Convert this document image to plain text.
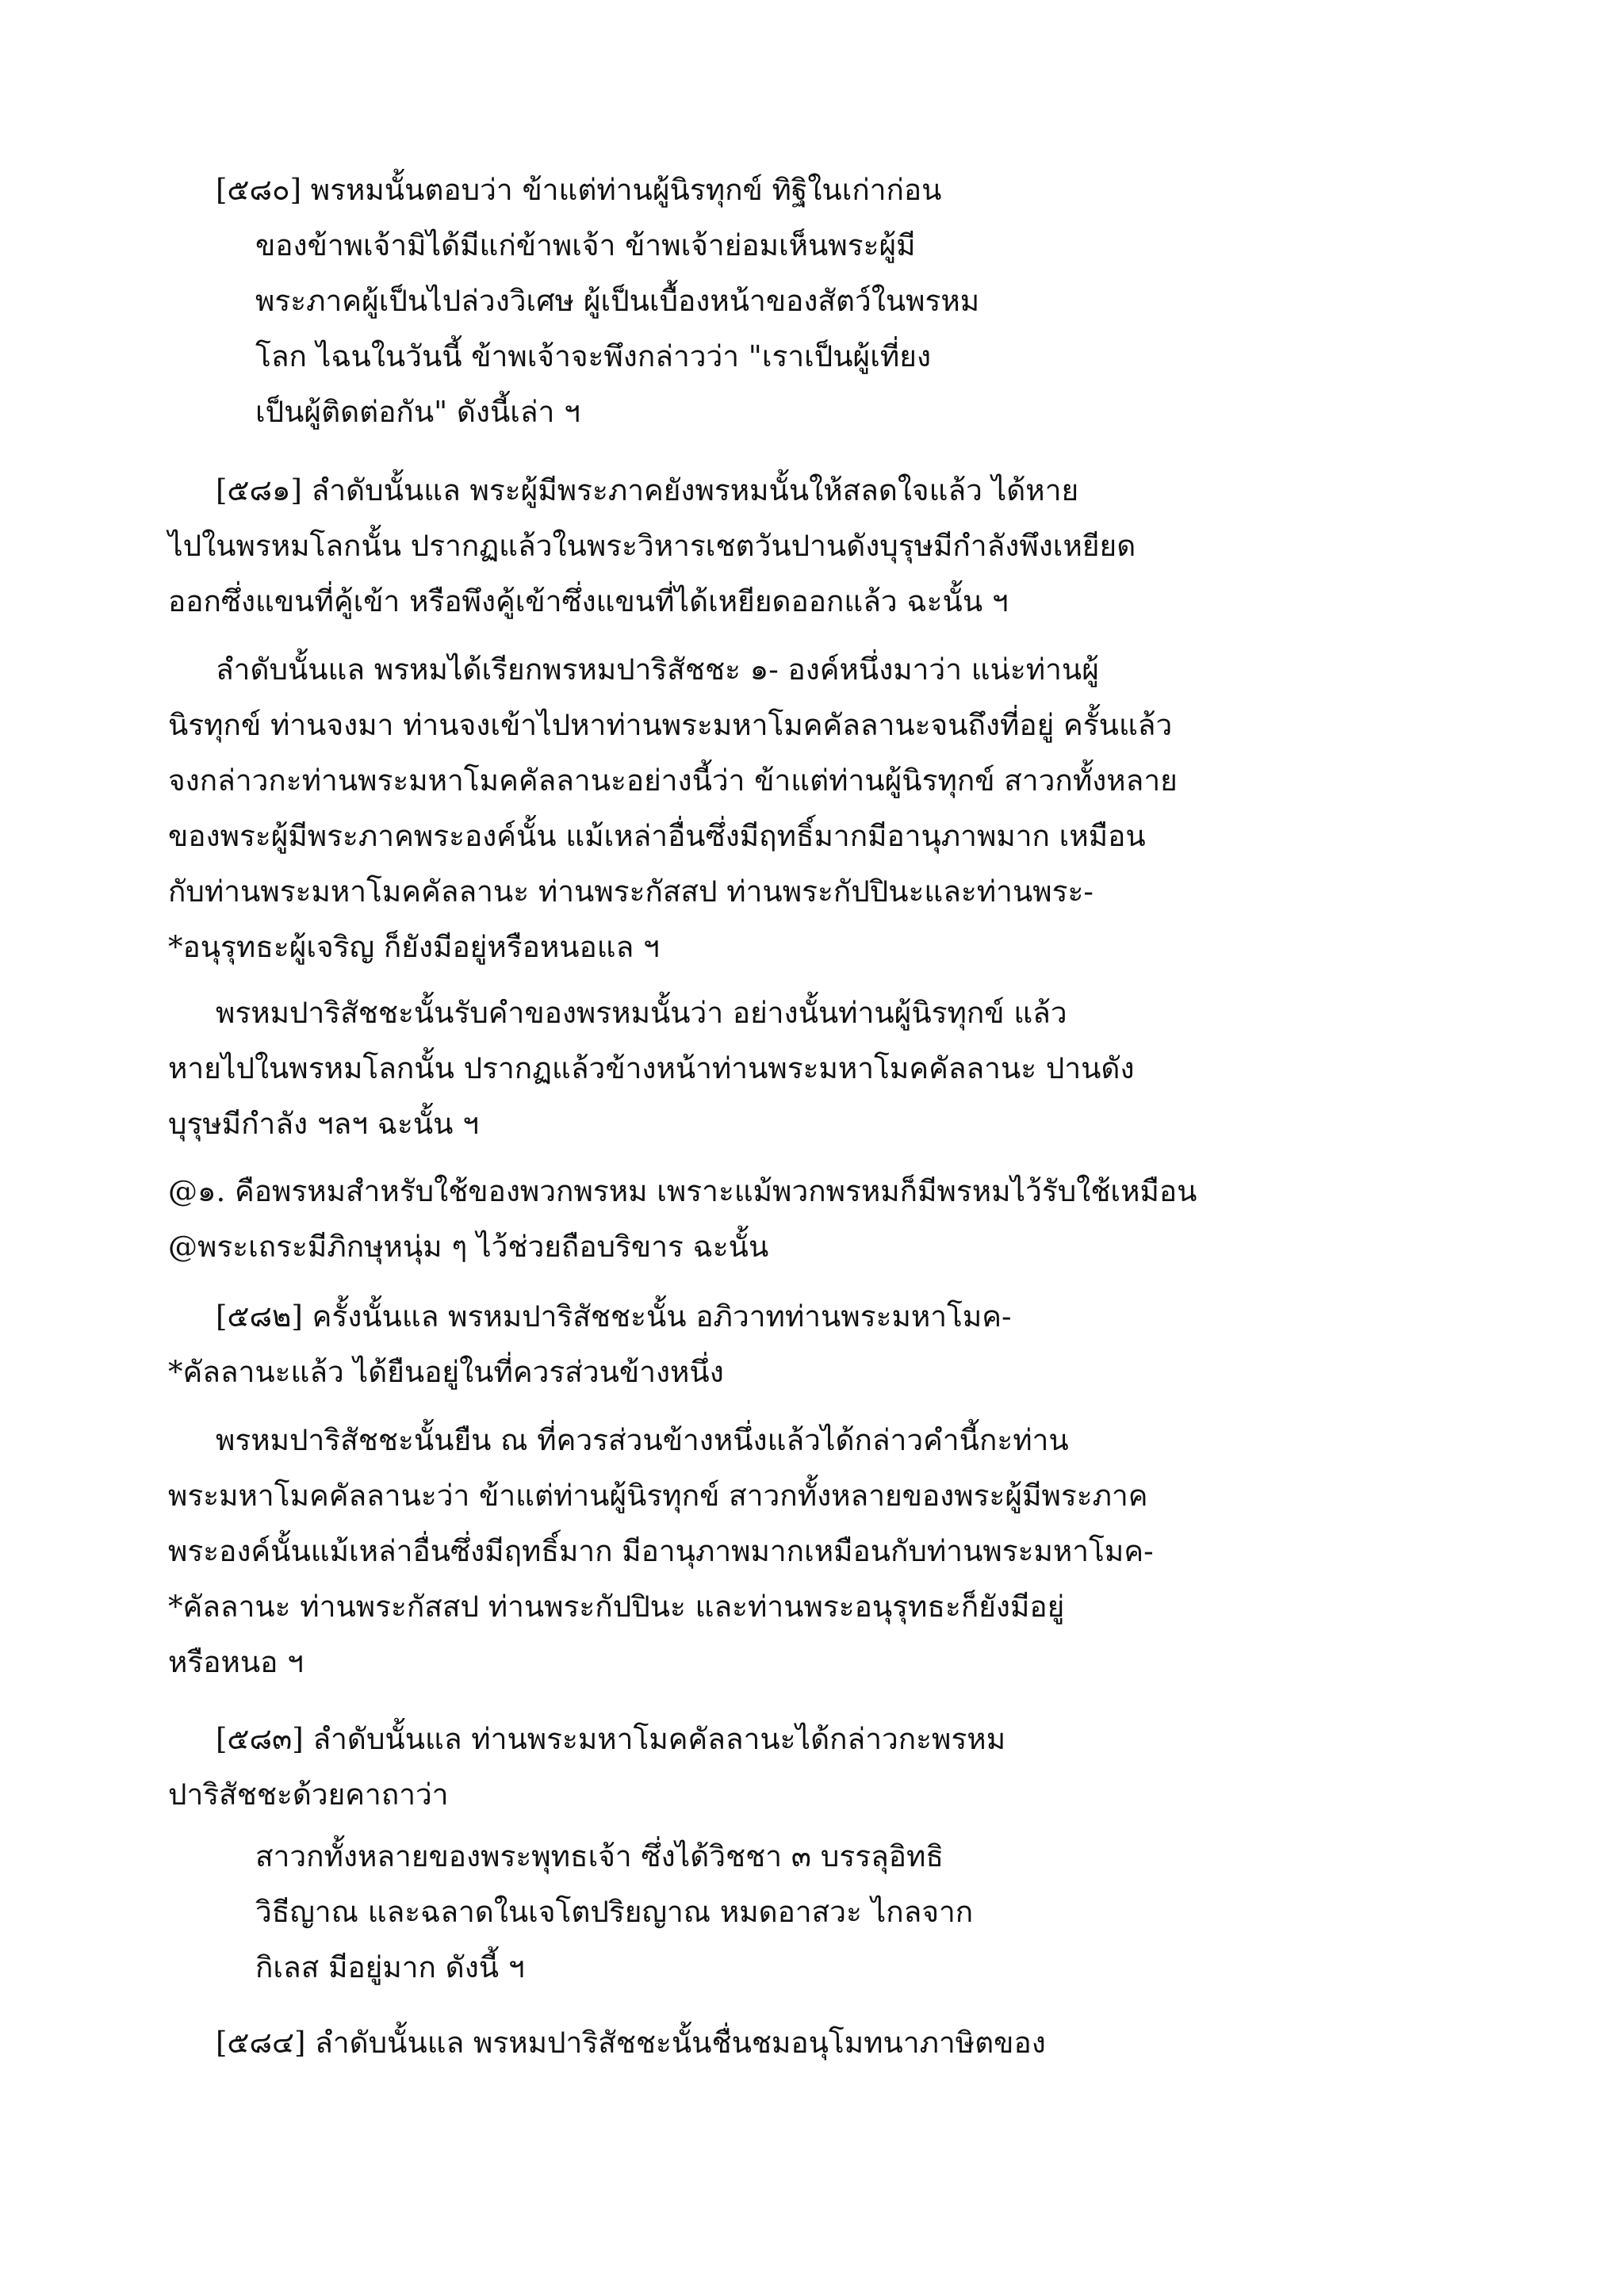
[๕๘๐] พรหมนั้นตอบว่า ข้าแต่ท่านผู้นิรทุกข์ ทิฐิในเก่าก่อน
ของข้าพเจ้ามิได้มีแก่ข้าพเจ้า ข้าพเจ้าย่อมเห็นพระผู้มี
พระภาคผู้เป็นไปล่วงวิเศษ ผู้เป็นเบื้องหน้าของสัตว์ในพรหม
โลก ไฉนในวันนี้ ข้าพเจ้าจะพึงกล่าวว่า "เราเป็นผู้เที่ยง
เป็นผู้ติดต่อกัน" ดังนี้เล่า ฯ
[๕๘๑] ลำดับนั้นแล พระผู้มีพระภาคยังพรหมนั้นให้สลดใจแล้ว ได้หาย
ไปในพรหมโลกนั้น ปรากฏแล้วในพระวิหารเชตวันปานดังบุรุษมีกำลังพึงเหยียด
ออกซึ่งแขนที่คู้เข้า หรือพึงคู้เข้าซึ่งแขนที่ได้เหยียดออกแล้ว ฉะนั้น ฯ
ลำดับนั้นแล พรหมได้เรียกพรหมปาริสัชชะ ๑- องค์หนึ่งมาว่า แน่ะท่านผู้
นิรทุกข์ ท่านจงมา ท่านจงเข้าไปหาท่านพระมหาโมคคัลลานะจนถึงที่อยู่ ครั้นแล้ว
จงกล่าวกะท่านพระมหาโมคคัลลานะอย่างนี้ว่า ข้าแต่ท่านผู้นิรทุกข์ สาวกทั้งหลาย
ของพระผู้มีพระภาคพระองค์นั้น แม้เหล่าอื่นซึ่งมีฤทธิ์มากมีอานุภาพมาก เหมือน
กับท่านพระมหาโมคคัลลานะ ท่านพระกัสสป ท่านพระกัปปินะและท่านพระ-
*อนุรุทธะผู้เจริญ ก็ยังมีอยู่หรือหนอแล ฯ
พรหมปาริสัชชะนั้นรับคำของพรหมนั้นว่า อย่างนั้นท่านผู้นิรทุกข์ แล้ว
หายไปในพรหมโลกนั้น ปรากฏแล้วข้างหน้าท่านพระมหาโมคคัลลานะ ปานดัง
บุรุษมีกำลัง ฯลฯ ฉะนั้น ฯ
@๑. คือพรหมสำหรับใช้ของพวกพรหม เพราะแม้พวกพรหมก็มีพรหมไว้รับใช้เหมือน
@พระเถระมีภิกษุหนุ่ม ๆ ไว้ช่วยถือบริขาร ฉะนั้น
[๕๘๒] ครั้งนั้นแล พรหมปาริสัชชะนั้น อภิวาทท่านพระมหาโมค-
*คัลลานะแล้ว ได้ยืนอยู่ในที่ควรส่วนข้างหนึ่ง
พรหมปาริสัชชะนั้นยืน ณ ที่ควรส่วนข้างหนึ่งแล้วได้กล่าวคำนี้กะท่าน
พระมหาโมคคัลลานะว่า ข้าแต่ท่านผู้นิรทุกข์ สาวกทั้งหลายของพระผู้มีพระภาค
พระองค์นั้นแม้เหล่าอื่นซึ่งมีฤทธิ์มาก มีอานุภาพมากเหมือนกับท่านพระมหาโมค-
*คัลลานะ ท่านพระกัสสป ท่านพระกัปปินะ และท่านพระอนุรุทธะก็ยังมีอยู่
หรือหนอ ฯ
[๕๘๓] ลำดับนั้นแล ท่านพระมหาโมคคัลลานะได้กล่าวกะพรหม
ปาริสัชชะด้วยคาถาว่า
สาวกทั้งหลายของพระพุทธเจ้า ซึ่งได้วิชชา ๓ บรรลุอิทธิ
วิธีญาณ และฉลาดในเจโตปริยญาณ หมดอาสวะ ไกลจาก
กิเลส มีอยู่มาก ดังนี้ ฯ
[๕๘๔] ลำดับนั้นแล พรหมปาริสัชชะนั้นชื่นชมอนุโมทนาภาษิตของ
